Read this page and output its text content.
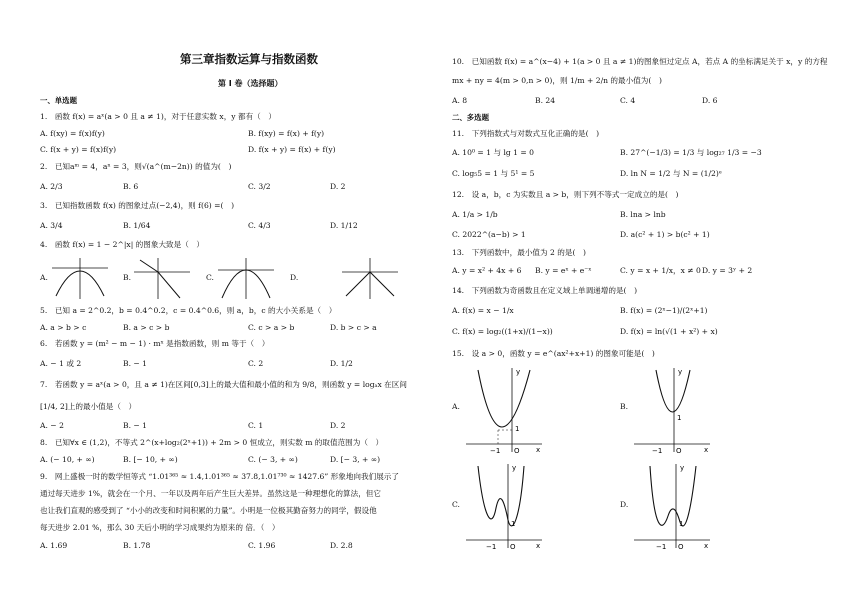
第三章指数运算与指数函数
第 I 卷（选择题）
一、单选题
1.　函数 f(x) = aˣ(a > 0 且 a ≠ 1)，对于任意实数 x，y 都有（　）
A. f(xy) = f(x)f(y)	B. f(xy) = f(x) + f(y)
C. f(x + y) = f(x)f(y)	D. f(x + y) = f(x) + f(y)
2.　已知aᵐ = 4，aⁿ = 3，则√(a^(m−2n)) 的值为(　)
A. 2/3	B. 6	C. 3/2	D. 2
3.　已知指数函数 f(x) 的图象过点(−2,4)，则 f(6) =(　)
A. 3/4	B. 1/64	C. 4/3	D. 1/12
4.　函数 f(x) = 1 − 2^|x| 的图象大致是（　）
A.	B.	C.	D.
5.　已知 a = 2^0.2，b = 0.4^0.2，c = 0.4^0.6，则 a，b，c 的大小关系是（　）
A. a > b > c	B. a > c > b	C. c > a > b	D. b > c > a
6.　若函数 y = (m² − m − 1) · mˣ 是指数函数，则 m 等于（　）
A. − 1 或 2	B. − 1	C. 2	D. 1/2
7.　若函数 y = aˣ(a > 0，且 a ≠ 1)在区间[0,3]上的最大值和最小值的和为 9/8，则函数 y = logₐx 在区间
[1/4, 2]上的最小值是（　）
A. − 2	B. − 1	C. 1	D. 2
8.　已知∀x ∈ (1,2)，不等式 2^(x+log₂(2ˣ+1)) + 2m > 0 恒成立，则实数 m 的取值范围为（　）
A. (− 10, + ∞)	B. [− 10, + ∞)	C. (− 3, + ∞)	D. [− 3, + ∞)
9.　网上盛极一时的数学恒等式 “1.01³⁶⁵ ≈ 1.4,1.01³⁶⁵ ≈ 37.8,1.01⁷³⁰ ≈ 1427.6” 形象地向我们展示了
通过每天进步 1%，就会在一个月、一年以及两年后产生巨大差异。虽然这是一种理想化的算法，但它
也让我们直观的感受到了 “小小的改变和时间积累的力量”。小明是一位极其勤奋努力的同学，假设他
每天进步 2.01 %，那么 30 天后小明的学习成果约为原来的 倍．（　）
A. 1.69	B. 1.78	C. 1.96	D. 2.8
10.　已知函数 f(x) = a^(x−4) + 1(a > 0 且 a ≠ 1)的图象恒过定点 A，若点 A 的坐标满足关于 x，y 的方程
mx + ny = 4(m > 0,n > 0)，则 1/m + 2/n 的最小值为(　)
A. 8	B. 24	C. 4	D. 6
二、多选题
11.　下列指数式与对数式互化正确的是(　)
A. 10⁰ = 1 与 lg 1 = 0	B. 27^(−1/3) = 1/3 与 log₂₇ 1/3 = −3
C. log₅5 = 1 与 5¹ = 5	D. ln N = 1/2 与 N = (1/2)ᵉ
12.　设 a，b，c 为实数且 a > b，则下列不等式一定成立的是(　)
A. 1/a > 1/b	B. lna > lnb
C. 2022^(a−b) > 1	D. a(c² + 1) > b(c² + 1)
13.　下列函数中，最小值为 2 的是(　)
A. y = x² + 4x + 6 B. y = eˣ + e⁻ˣ	C. y = x + 1/x，x ≠ 0 D. y = 3ʸ + 2
14.　下列函数为奇函数且在定义域上单调递增的是(　)
A. f(x) = x − 1/x	B. f(x) = (2ˣ−1)/(2ˣ+1)
C. f(x) = log₂((1+x)/(1−x))	D. f(x) = ln(√(1 + x²) + x)
15.　设 a > 0，函数 y = e^(ax²+x+1) 的图象可能是(　)
A.
y
x
O
1
−1
B.
y
x
O
1
−1
C.
y
x
O
1
−1
D.
y
x
O
1
−1
